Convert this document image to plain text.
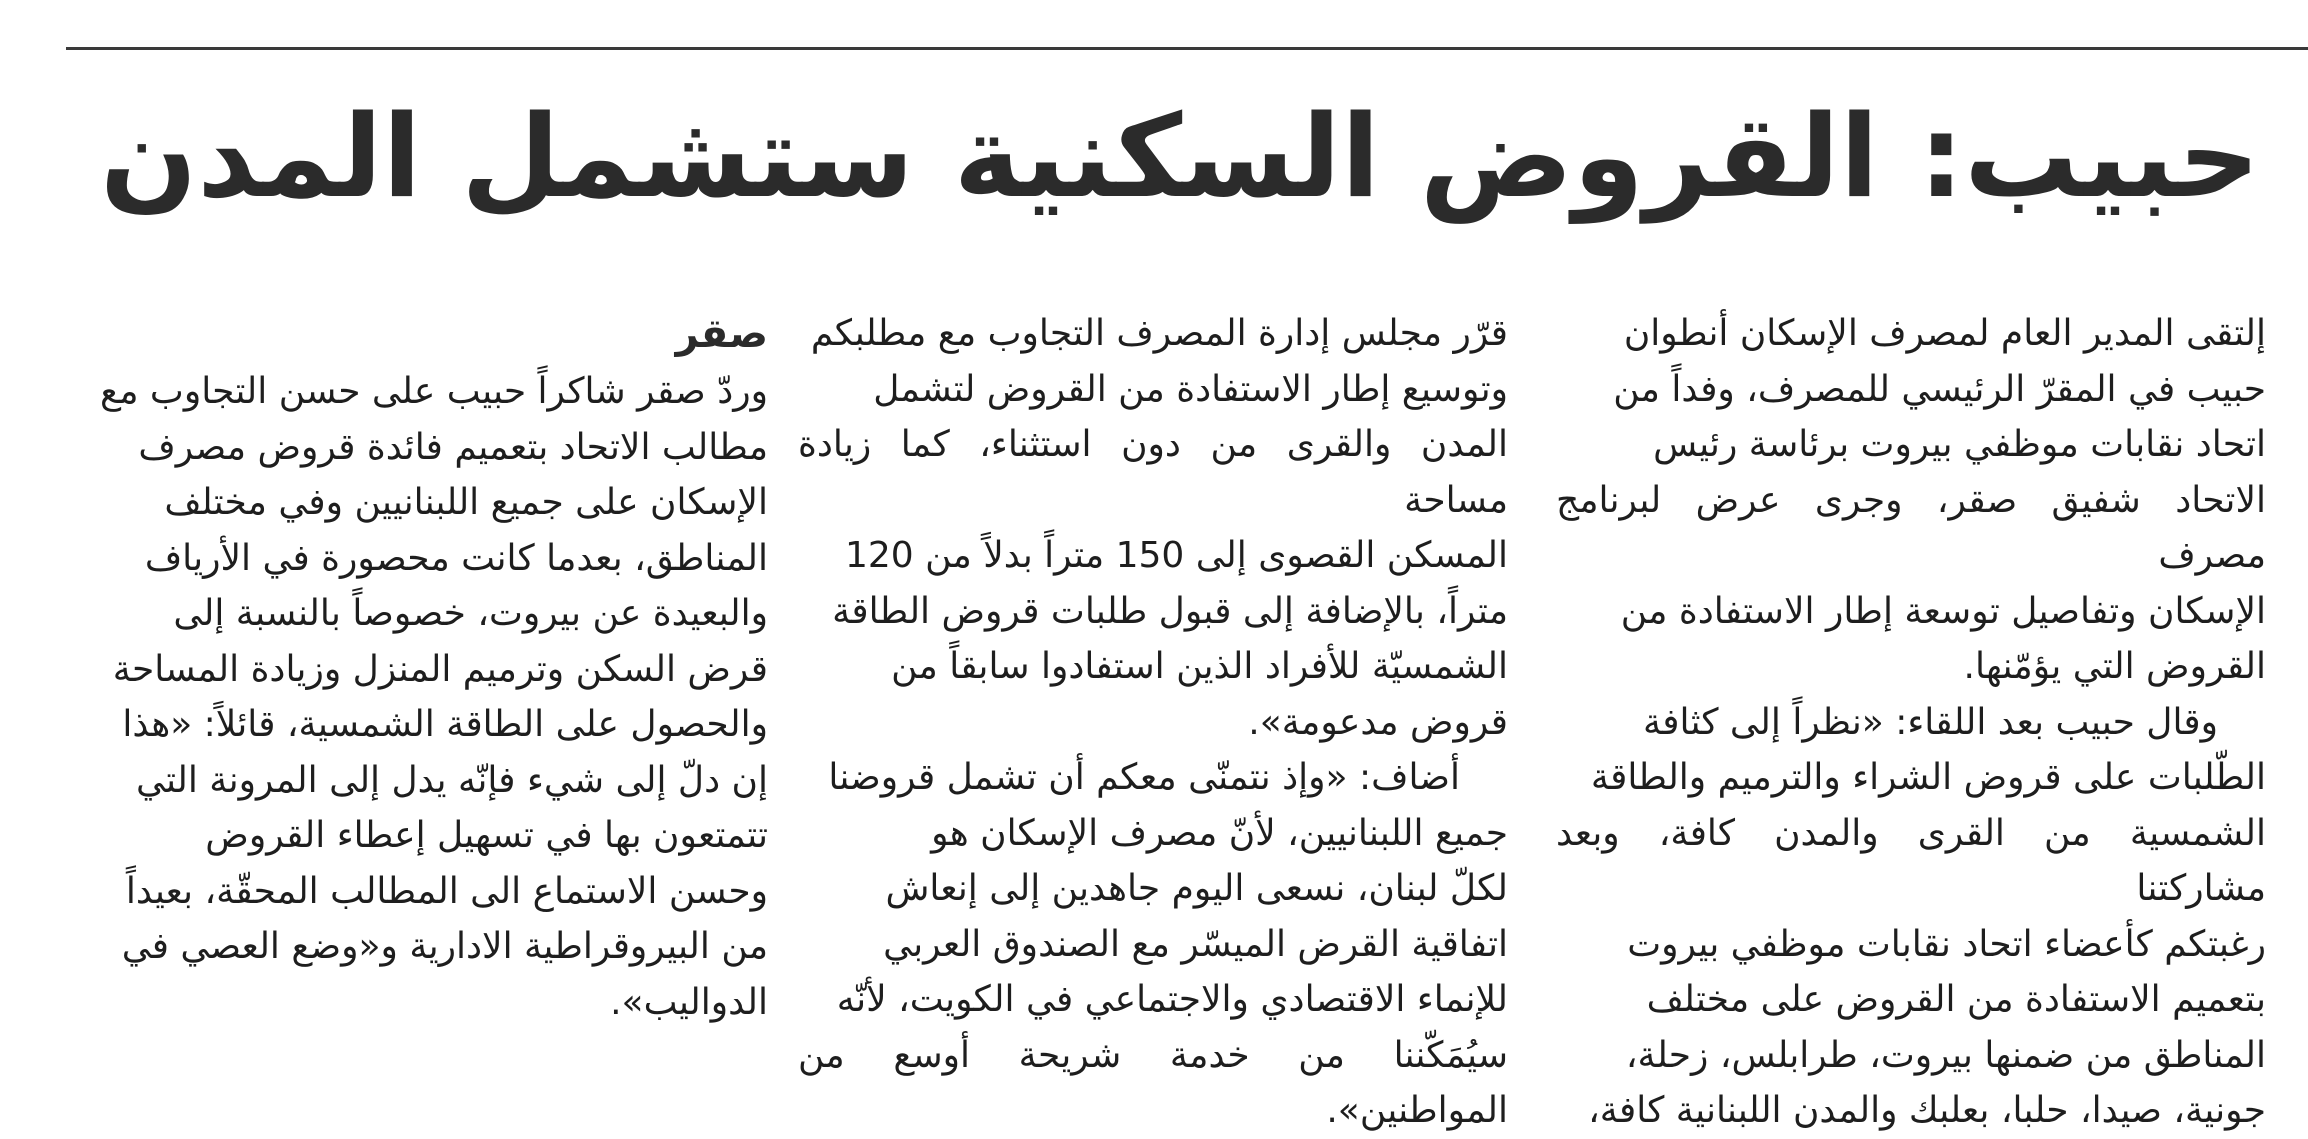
حبيب: القروض السكنية ستشمل المدن

إلتقى المدير العام لمصرف الإسكان أنطوان
حبيب في المقرّ الرئيسي للمصرف، وفداً من
اتحاد نقابات موظفي بيروت برئاسة رئيس
الاتحاد شفيق صقر، وجرى عرض لبرنامج مصرف
الإسكان وتفاصيل توسعة إطار الاستفادة من
القروض التي يؤمّنها.

وقال حبيب بعد اللقاء: «نظراً إلى كثافة
الطّلبات على قروض الشراء والترميم والطاقة
الشمسية من القرى والمدن كافة، وبعد مشاركتنا
رغبتكم كأعضاء اتحاد نقابات موظفي بيروت
بتعميم الاستفادة من القروض على مختلف
المناطق من ضمنها بيروت، طرابلس، زحلة،
جونية، صيدا، حلبا، بعلبك والمدن اللبنانية كافة،

قرّر مجلس إدارة المصرف التجاوب مع مطلبكم
وتوسيع إطار الاستفادة من القروض لتشمل
المدن والقرى من دون استثناء، كما زيادة مساحة
المسكن القصوى إلى 150 متراً بدلاً من 120
متراً، بالإضافة إلى قبول طلبات قروض الطاقة
الشمسيّة للأفراد الذين استفادوا سابقاً من
قروض مدعومة».

أضاف: «وإذ نتمنّى معكم أن تشمل قروضنا
جميع اللبنانيين، لأنّ مصرف الإسكان هو
لكلّ لبنان، نسعى اليوم جاهدين إلى إنعاش
اتفاقية القرض الميسّر مع الصندوق العربي
للإنماء الاقتصادي والاجتماعي في الكويت، لأنّه
سيُمَكّننا من خدمة شريحة أوسع من المواطنين».

صقر

وردّ صقر شاكراً حبيب على حسن التجاوب مع
مطالب الاتحاد بتعميم فائدة قروض مصرف
الإسكان على جميع اللبنانيين وفي مختلف
المناطق، بعدما كانت محصورة في الأرياف
والبعيدة عن بيروت، خصوصاً بالنسبة إلى
قرض السكن وترميم المنزل وزيادة المساحة
والحصول على الطاقة الشمسية، قائلاً: «هذا
إن دلّ إلى شيء فإنّه يدل إلى المرونة التي
تتمتعون بها في تسهيل إعطاء القروض
وحسن الاستماع الى المطالب المحقّة، بعيداً
من البيروقراطية الادارية و«وضع العصي في
الدواليب».
